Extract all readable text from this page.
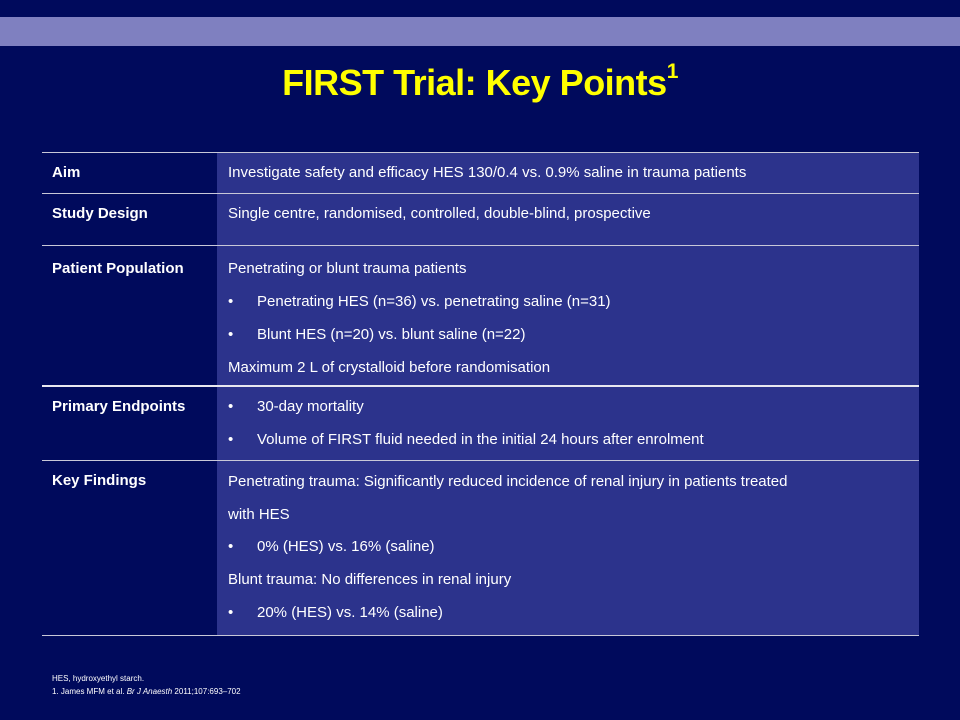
FIRST Trial: Key Points$^1$
Aim	Investigate safety and efficacy HES 130/0.4 vs. 0.9% saline in trauma patients
Study Design	Single centre, randomised, controlled, double-blind, prospective
Patient Population	Penetrating or blunt trauma patients
• Penetrating HES (n=36) vs. penetrating saline (n=31)
• Blunt HES (n=20) vs. blunt saline (n=22)
Maximum 2 L of crystalloid before randomisation
Primary Endpoints	• 30-day mortality
• Volume of FIRST fluid needed in the initial 24 hours after enrolment
Key Findings	Penetrating trauma: Significantly reduced incidence of renal injury in patients treated
with HES
• 0% (HES) vs. 16% (saline)
Blunt trauma: No differences in renal injury
• 20% (HES) vs. 14% (saline)
HES, hydroxyethyl starch.
1. James MFM et al. Br J Anaesth 2011;107:693–702
